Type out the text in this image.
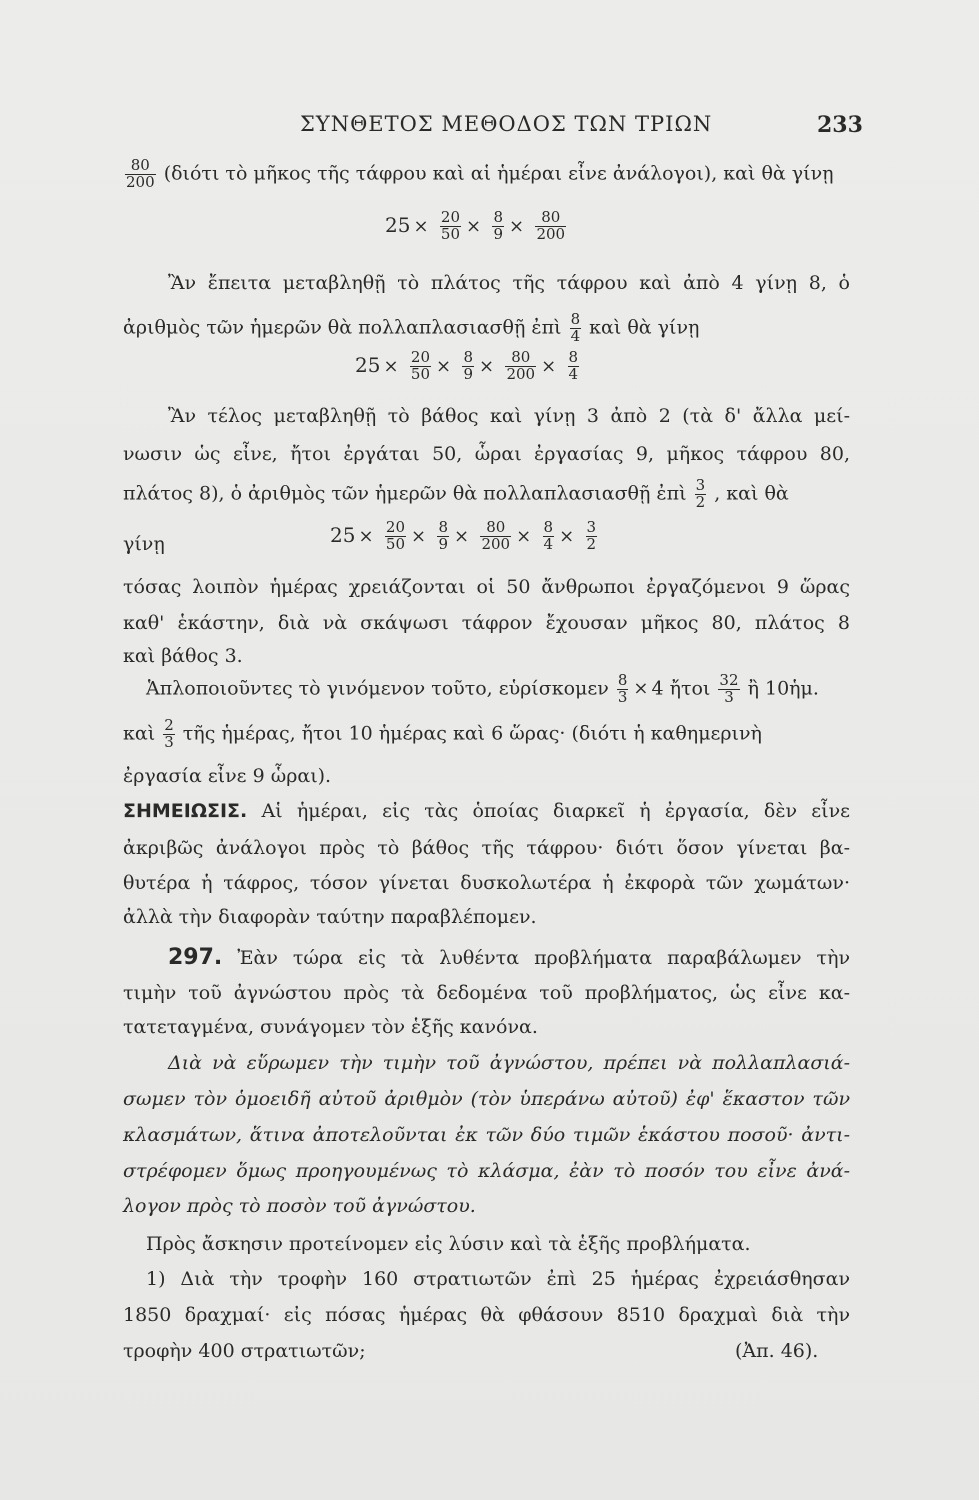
ΣΥΝΘΕΤΟΣ ΜΕΘΟΔΟΣ ΤΩΝ ΤΡΙΩΝ	233
$\frac{80}{200} (\delta\iota ό\tau\iota$ τὸ μῆκος τῆς τάφρου καὶ αἱ ἡμέραι εἶνε ἀνάλογοι), καὶ θὰ γίνῃ
$25 \times \frac{20}{50} \times \frac{8}{9} \times \frac{80}{200}$
Ἂν ἔπειτα μεταβληθῇ τὸ πλάτος τῆς τάφρου καὶ ἀπὸ 4 γίνῃ 8, ὁ
ἀριθμὸς τῶν ἡμερῶν θὰ πολλαπλασιασθῇ ἐπὶ $\frac{8}{4}$ καὶ θὰ γίνῃ
$25 \times \frac{20}{50} \times \frac{8}{9} \times \frac{80}{200} \times \frac{8}{4}$
Ἂν τέλος μεταβληθῇ τὸ βάθος καὶ γίνῃ 3 ἀπὸ 2 (τὰ δ' ἄλλα μεί-
νωσιν ὡς εἶνε, ἤτοι ἐργάται 50, ὧραι ἐργασίας 9, μῆκος τάφρου 80,
πλάτος 8), ὁ ἀριθμὸς τῶν ἡμερῶν θὰ πολλαπλασιασθῇ ἐπὶ $\frac{3}{2}$ , καὶ θὰ
γίνῃ	$25 \times \frac{20}{50} \times \frac{8}{9} \times \frac{80}{200} \times \frac{8}{4} \times \frac{3}{2}$
τόσας λοιπὸν ἡμέρας χρειάζονται οἱ 50 ἄνθρωποι ἐργαζόμενοι 9 ὥρας
καθ' ἑκάστην, διὰ νὰ σκάψωσι τάφρον ἔχουσαν μῆκος 80, πλάτος 8
καὶ βάθος 3.
Ἁπλοποιοῦντες τὸ γινόμενον τοῦτο, εὑρίσκομεν $\frac{8}{3} \times 4$ ἤτοι $\frac{32}{3}$ ἢ 10ἡμ.
καὶ $\frac{2}{3}$ τῆς ἡμέρας, ἤτοι 10 ἡμέρας καὶ 6 ὥρας· (διότι ἡ καθημερινὴ
ἐργασία εἶνε 9 ὧραι).
ΣΗΜΕΙΩΣΙΣ. Αἱ ἡμέραι, εἰς τὰς ὁποίας διαρκεῖ ἡ ἐργασία, δὲν εἶνε
ἀκριβῶς ἀνάλογοι πρὸς τὸ βάθος τῆς τάφρου· διότι ὅσον γίνεται βα-
θυτέρα ἡ τάφρος, τόσον γίνεται δυσκολωτέρα ἡ ἐκφορὰ τῶν χωμάτων·
ἀλλὰ τὴν διαφορὰν ταύτην παραβλέπομεν.
297. Ἐὰν τώρα εἰς τὰ λυθέντα προβλήματα παραβάλωμεν τὴν
τιμὴν τοῦ ἀγνώστου πρὸς τὰ δεδομένα τοῦ προβλήματος, ὡς εἶνε κα-
τατεταγμένα, συνάγομεν τὸν ἑξῆς κανόνα.
Διὰ νὰ εὕρωμεν τὴν τιμὴν τοῦ ἀγνώστου, πρέπει νὰ πολλαπλασιά-
σωμεν τὸν ὁμοειδῆ αὐτοῦ ἀριθμὸν (τὸν ὑπεράνω αὐτοῦ) ἐφ' ἕκαστον τῶν
κλασμάτων, ἅτινα ἀποτελοῦνται ἐκ τῶν δύο τιμῶν ἑκάστου ποσοῦ· ἀντι-
στρέφομεν ὅμως προηγουμένως τὸ κλάσμα, ἐὰν τὸ ποσόν του εἶνε ἀνά-
λογον πρὸς τὸ ποσὸν τοῦ ἀγνώστου.
Πρὸς ἄσκησιν προτείνομεν εἰς λύσιν καὶ τὰ ἑξῆς προβλήματα.
1) Διὰ τὴν τροφὴν 160 στρατιωτῶν ἐπὶ 25 ἡμέρας ἐχρειάσθησαν
1850 δραχμαί· εἰς πόσας ἡμέρας θὰ φθάσουν 8510 δραχμαὶ διὰ τὴν
τροφὴν 400 στρατιωτῶν;	(Ἀπ. 46).
